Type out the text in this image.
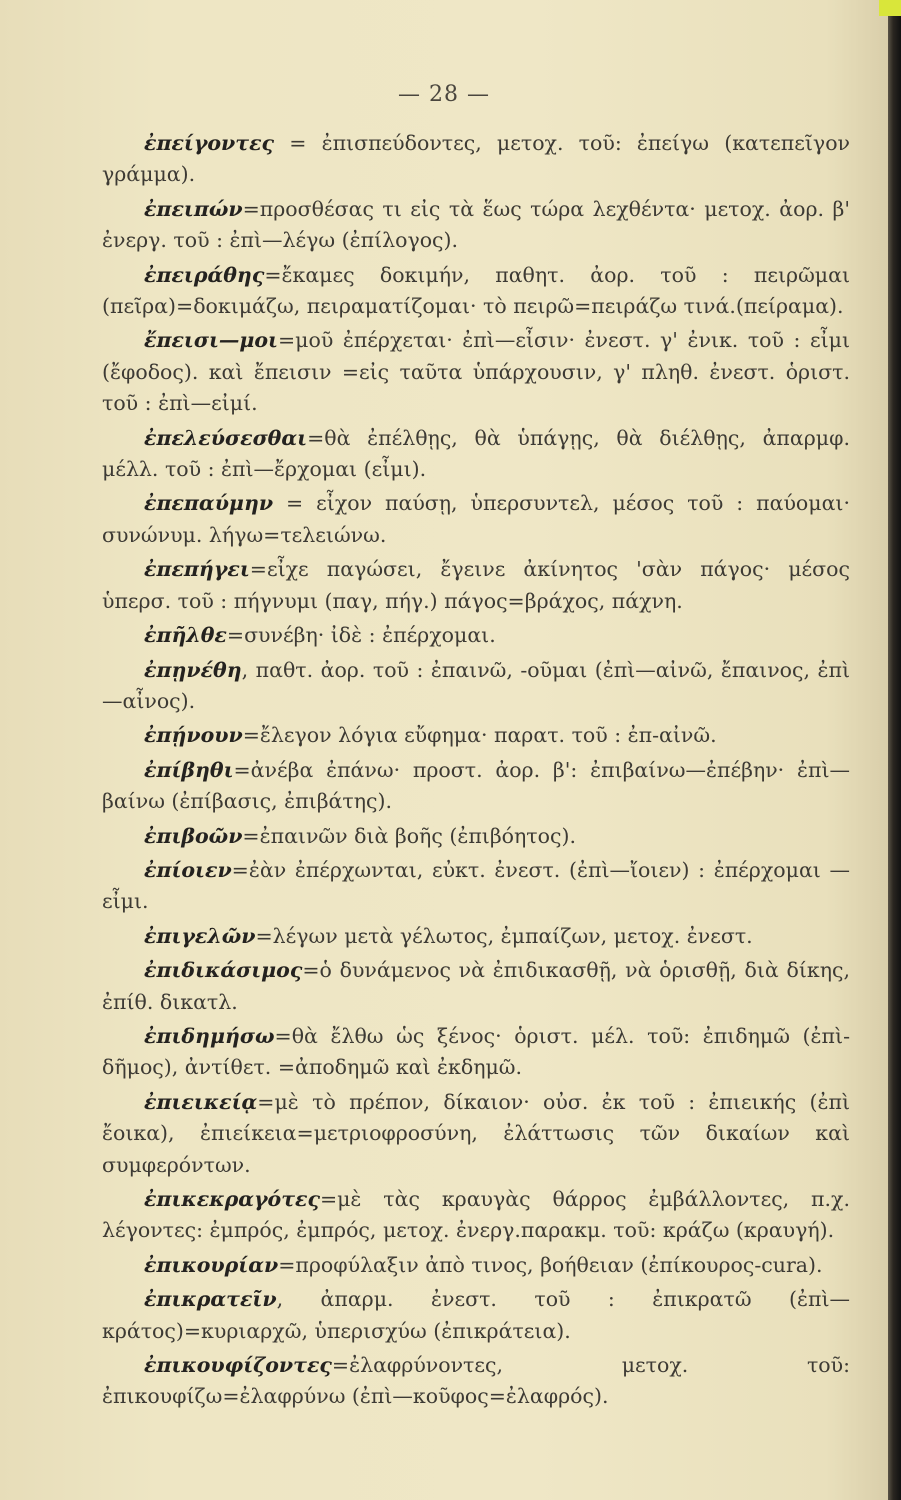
— 28 —

ἐπείγοντες = ἐπισπεύδοντες, μετοχ. τοῦ: ἐπείγω (κατεπεῖγον γράμμα).

ἐπειπών=προσθέσας τι εἰς τὰ ἕως τώρα λεχθέντα· μετοχ. ἀορ. β' ἐνεργ. τοῦ : ἐπὶ—λέγω (ἐπίλογος).

ἐπειράθης=ἔκαμες δοκιμήν, παθητ. ἀορ. τοῦ : πειρῶμαι (πεῖρα)=δοκιμάζω, πειραματίζομαι· τὸ πειρῶ=πειράζω τινά.(πείραμα).

ἔπεισι—μοι=μοῦ ἐπέρχεται· ἐπὶ—εἶσιν· ἐνεστ. γ' ἐνικ. τοῦ : εἶμι (ἔφοδος). καὶ ἔπεισιν =εἰς ταῦτα ὑπάρχουσιν, γ' πληθ. ἐνεστ. ὁριστ. τοῦ : ἐπὶ—εἰμί.

ἐπελεύσεσθαι=θὰ ἐπέλθῃς, θὰ ὑπάγῃς, θὰ διέλθῃς, ἀπαρμφ. μέλλ. τοῦ : ἐπὶ—ἔρχομαι (εἶμι).

ἐπεπαύμην = εἶχον παύσῃ, ὑπερσυντελ, μέσος τοῦ : παύομαι· συνώνυμ. λήγω=τελειώνω.

ἐπεπήγει=εἶχε παγώσει, ἔγεινε ἀκίνητος 'σὰν πάγος· μέσος ὑπερσ. τοῦ : πήγνυμι (παγ, πήγ.) πάγος=βράχος, πάχνη.

ἐπῆλθε=συνέβη· ἰδὲ : ἐπέρχομαι.

ἐπῃνέθη, παθτ. ἀορ. τοῦ : ἐπαινῶ, -οῦμαι (ἐπὶ—αἰνῶ, ἔπαινος, ἐπὶ—αἶνος).

ἐπῄνουν=ἔλεγον λόγια εὔφημα· παρατ. τοῦ : ἐπ-αἰνῶ.

ἐπίβηθι=ἀνέβα ἐπάνω· προστ. ἀορ. β': ἐπιβαίνω—ἐπέβην· ἐπὶ—βαίνω (ἐπίβασις, ἐπιβάτης).

ἐπιβοῶν=ἐπαινῶν διὰ βοῆς (ἐπιβόητος).

ἐπίοιεν=ἐὰν ἐπέρχωνται, εὐκτ. ἐνεστ. (ἐπὶ—ἴοιεν) : ἐπέρχομαι —εἶμι.

ἐπιγελῶν=λέγων μετὰ γέλωτος, ἐμπαίζων, μετοχ. ἐνεστ.

ἐπιδικάσιμος=ὁ δυνάμενος νὰ ἐπιδικασθῇ, νὰ ὁρισθῇ, διὰ δίκης, ἐπίθ. δικατλ.

ἐπιδημήσω=θὰ ἔλθω ὡς ξένος· ὁριστ. μέλ. τοῦ: ἐπιδημῶ (ἐπὶ-δῆμος), ἀντίθετ. =ἀποδημῶ καὶ ἐκδημῶ.

ἐπιεικείᾳ=μὲ τὸ πρέπον, δίκαιον· οὐσ. ἐκ τοῦ : ἐπιεικής (ἐπὶ ἔοικα), ἐπιείκεια=μετριοφροσύνη, ἐλάττωσις τῶν δικαίων καὶ συμφερόντων.

ἐπικεκραγότες=μὲ τὰς κραυγὰς θάρρος ἐμβάλλοντες, π.χ. λέγοντες: ἐμπρός, ἐμπρός, μετοχ. ἐνεργ.παρακμ. τοῦ: κράζω (κραυγή).

ἐπικουρίαν=προφύλαξιν ἀπὸ τινος, βοήθειαν (ἐπίκουρος-cura).

ἐπικρατεῖν, ἀπαρμ. ἐνεστ. τοῦ : ἐπικρατῶ (ἐπὶ—κράτος)=κυριαρχῶ, ὑπερισχύω (ἐπικράτεια).

ἐπικουφίζοντες=ἐλαφρύνοντες, μετοχ. τοῦ: ἐπικουφίζω=ἐλαφρύνω (ἐπὶ—κοῦφος=ἐλαφρός).
